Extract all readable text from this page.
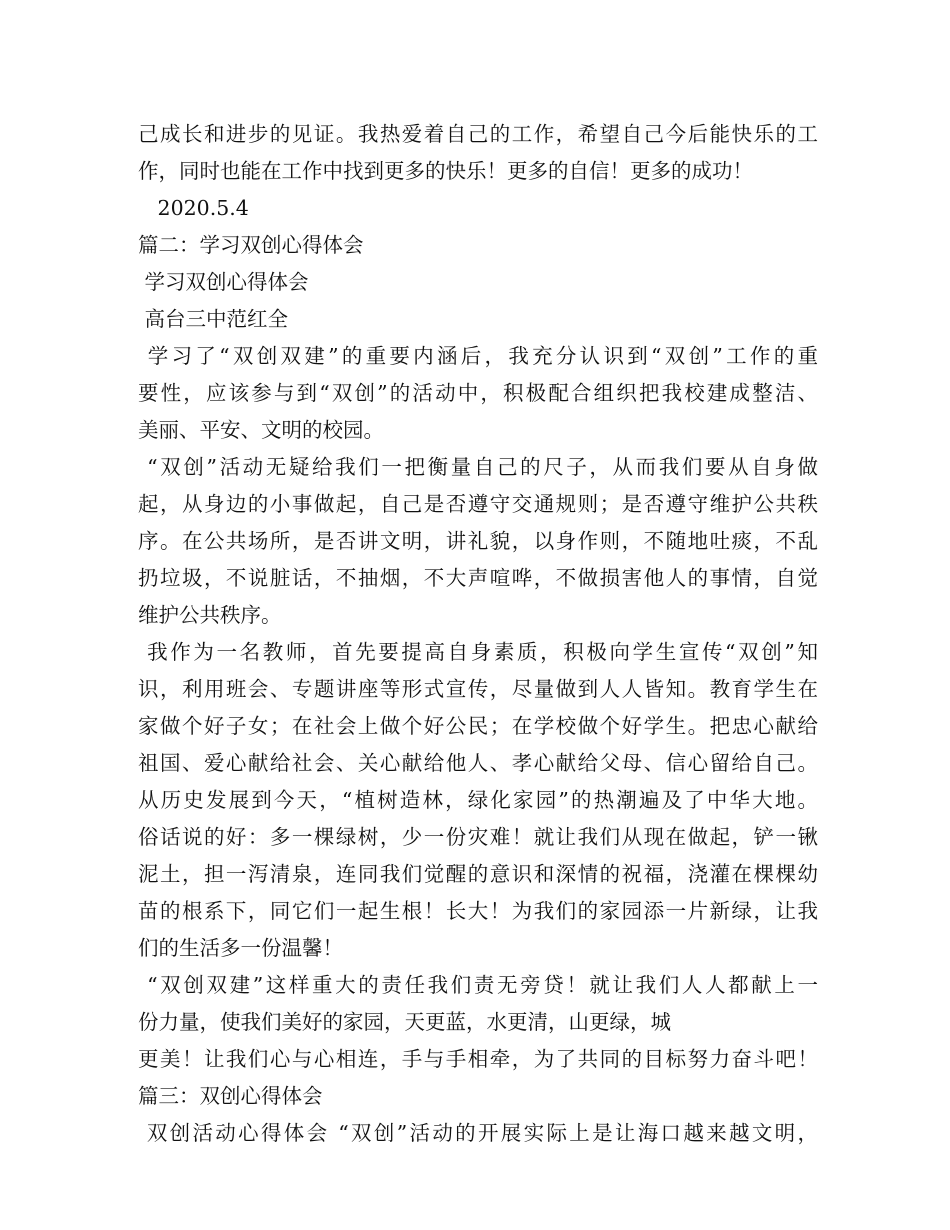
己成长和进步的见证。我热爱着自己的工作，希望自己今后能快乐的工
作，同时也能在工作中找到更多的快乐！更多的自信！更多的成功！
2020.5.4
篇二：学习双创心得体会
学习双创心得体会
高台三中范红全
学习了“双创双建”的重要内涵后，我充分认识到“双创”工作的重
要性，应该参与到“双创”的活动中，积极配合组织把我校建成整洁、
美丽、平安、文明的校园。
“双创”活动无疑给我们一把衡量自己的尺子，从而我们要从自身做
起，从身边的小事做起，自己是否遵守交通规则；是否遵守维护公共秩
序。在公共场所，是否讲文明，讲礼貌，以身作则，不随地吐痰，不乱
扔垃圾，不说脏话，不抽烟，不大声喧哗，不做损害他人的事情，自觉
维护公共秩序。
我作为一名教师，首先要提高自身素质，积极向学生宣传“双创”知
识，利用班会、专题讲座等形式宣传，尽量做到人人皆知。教育学生在
家做个好子女；在社会上做个好公民；在学校做个好学生。把忠心献给
祖国、爱心献给社会、关心献给他人、孝心献给父母、信心留给自己。
从历史发展到今天，“植树造林，绿化家园”的热潮遍及了中华大地。
俗话说的好：多一棵绿树，少一份灾难！就让我们从现在做起，铲一锹
泥土，担一泻清泉，连同我们觉醒的意识和深情的祝福，浇灌在棵棵幼
苗的根系下，同它们一起生根！长大！为我们的家园添一片新绿，让我
们的生活多一份温馨！
“双创双建”这样重大的责任我们责无旁贷！就让我们人人都献上一
份力量，使我们美好的家园，天更蓝，水更清，山更绿，城
更美！让我们心与心相连，手与手相牵，为了共同的目标努力奋斗吧！
篇三：双创心得体会
双创活动心得体会 “双创”活动的开展实际上是让海口越来越文明，
